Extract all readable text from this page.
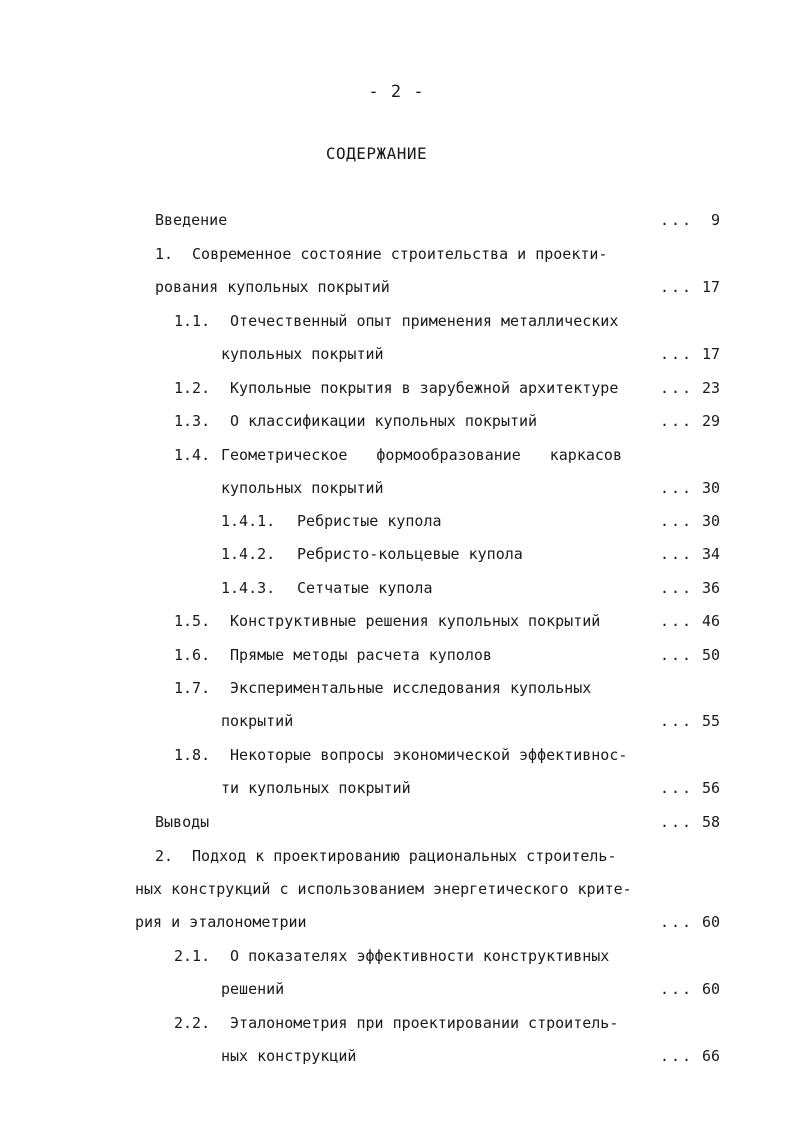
- 2 -
СОДЕРЖАНИЕ
Введение	...	9
1. Современное состояние строительства и проекти-
рования купольных покрытий	... 17
1.1. Отечественный опыт применения металлических
купольных покрытий	... 17
1.2. Купольные покрытия в зарубежной архитектуре	... 23
1.3. О классификации купольных покрытий	... 29
1.4. Геометрическое формообразование каркасов
купольных покрытий	... 30
1.4.1. Ребристые купола	... 30
1.4.2. Ребристо-кольцевые купола	... 34
1.4.3. Сетчатые купола	... 36
1.5. Конструктивные решения купольных покрытий	... 46
1.6. Прямые методы расчета куполов	... 50
1.7. Экспериментальные исследования купольных
покрытий	... 55
1.8. Некоторые вопросы экономической эффективнос-
ти купольных покрытий	... 56
Выводы	... 58
2. Подход к проектированию рациональных строитель-
ных конструкций с использованием энергетического крите-
рия и эталонометрии	... 60
2.1. О показателях эффективности конструктивных
решений	... 60
2.2. Эталонометрия при проектировании строитель-
ных конструкций	... 66
